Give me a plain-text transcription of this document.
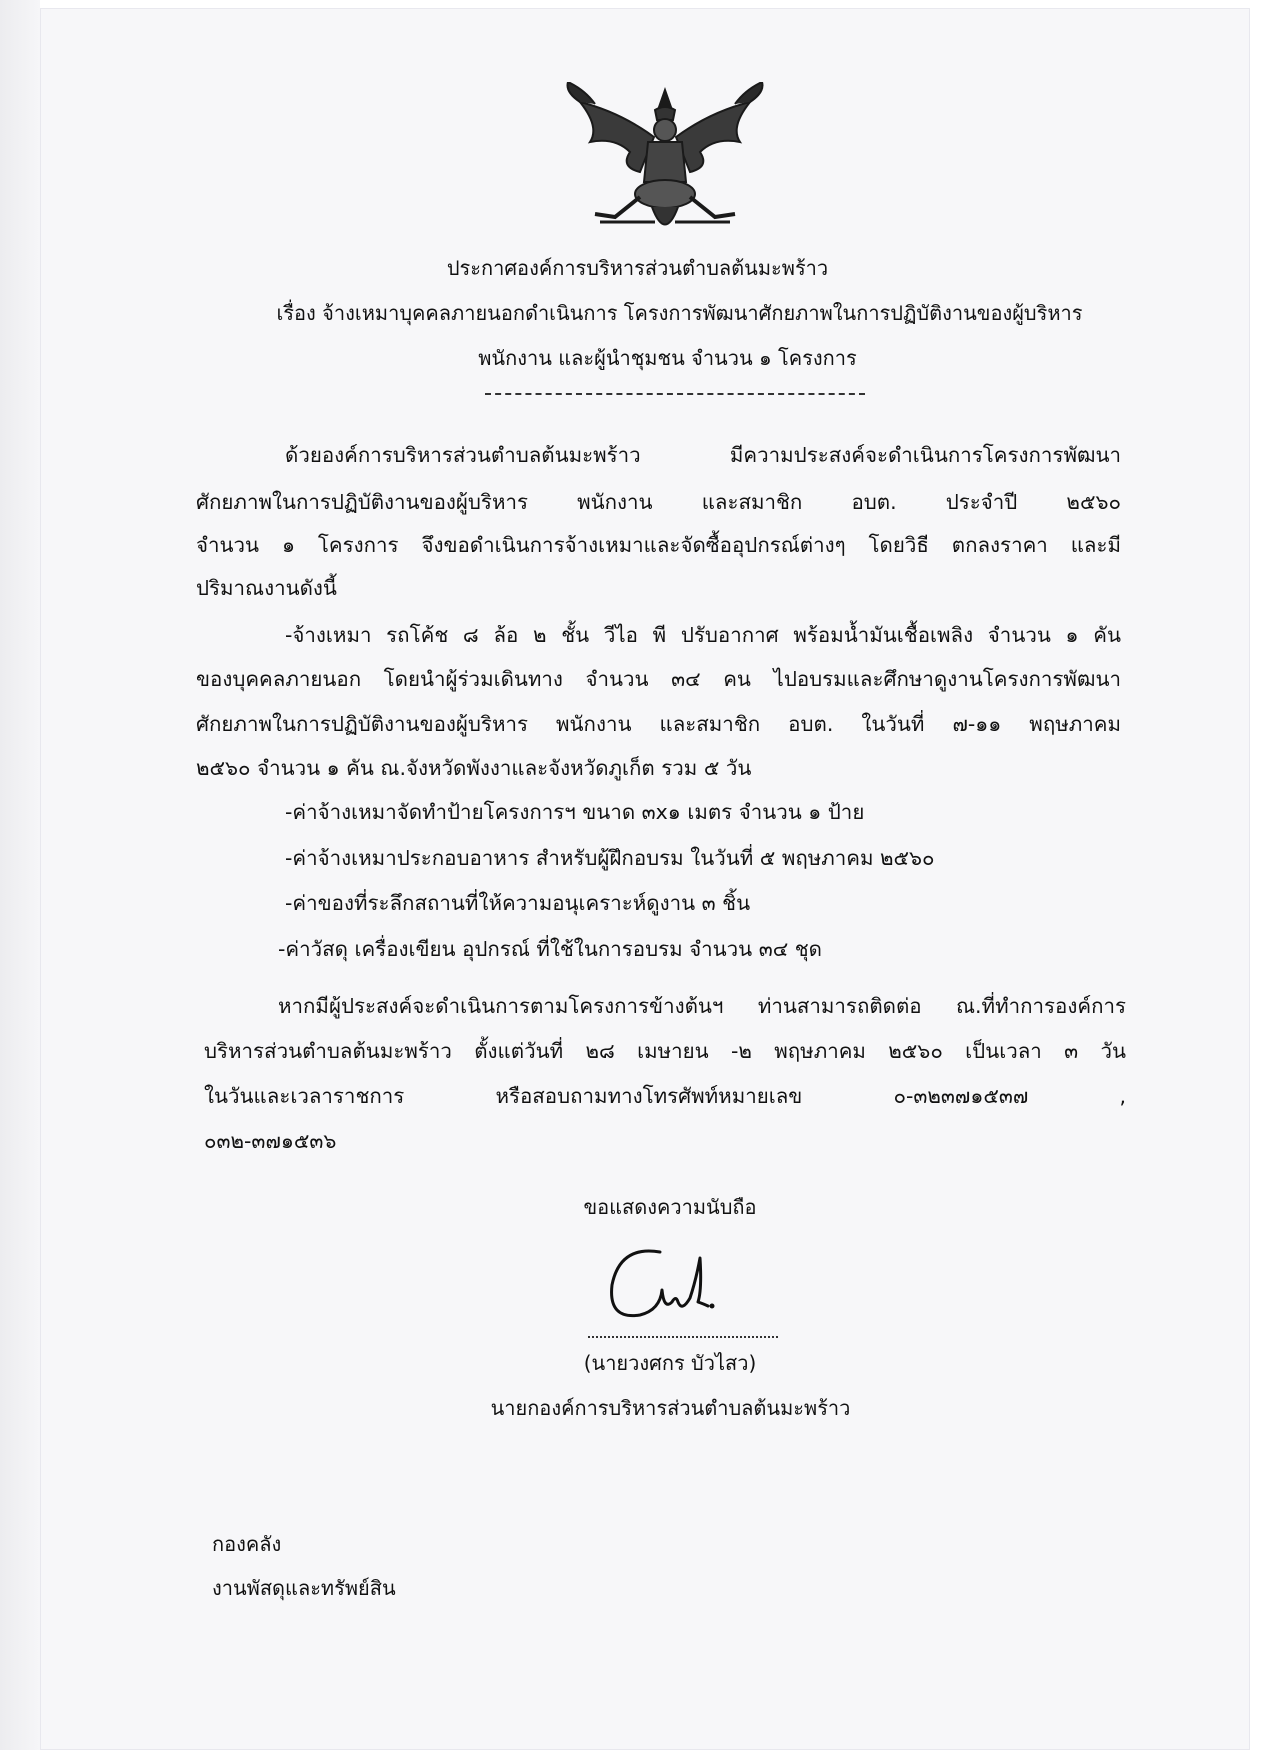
ประกาศองค์การบริหารส่วนตำบลต้นมะพร้าว
เรื่อง จ้างเหมาบุคคลภายนอกดำเนินการ โครงการพัฒนาศักยภาพในการปฏิบัติงานของผู้บริหาร
พนักงาน และผู้นำชุมชน จำนวน ๑ โครงการ
ด้วยองค์การบริหารส่วนตำบลต้นมะพร้าว มีความประสงค์จะดำเนินการโครงการพัฒนา
ศักยภาพในการปฏิบัติงานของผู้บริหาร พนักงาน และสมาชิก อบต. ประจำปี ๒๕๖๐
จำนวน ๑ โครงการ จึงขอดำเนินการจ้างเหมาและจัดซื้ออุปกรณ์ต่างๆ โดยวิธี ตกลงราคา และมี
ปริมาณงานดังนี้
-จ้างเหมา รถโค้ช ๘ ล้อ ๒ ชั้น วีไอ พี ปรับอากาศ พร้อมน้ำมันเชื้อเพลิง จำนวน ๑ คัน
ของบุคคลภายนอก โดยนำผู้ร่วมเดินทาง จำนวน ๓๔ คน ไปอบรมและศึกษาดูงานโครงการพัฒนา
ศักยภาพในการปฏิบัติงานของผู้บริหาร พนักงาน และสมาชิก อบต. ในวันที่ ๗-๑๑ พฤษภาคม
๒๕๖๐ จำนวน ๑ คัน ณ.จังหวัดพังงาและจังหวัดภูเก็ต รวม ๕ วัน
-ค่าจ้างเหมาจัดทำป้ายโครงการฯ ขนาด ๓x๑ เมตร จำนวน ๑ ป้าย
-ค่าจ้างเหมาประกอบอาหาร สำหรับผู้ฝึกอบรม ในวันที่ ๕ พฤษภาคม ๒๕๖๐
-ค่าของที่ระลึกสถานที่ให้ความอนุเคราะห์ดูงาน ๓ ชิ้น
-ค่าวัสดุ เครื่องเขียน อุปกรณ์ ที่ใช้ในการอบรม จำนวน ๓๔ ชุด
หากมีผู้ประสงค์จะดำเนินการตามโครงการข้างต้นฯ ท่านสามารถติดต่อ ณ.ที่ทำการองค์การ
บริหารส่วนตำบลต้นมะพร้าว ตั้งแต่วันที่ ๒๘ เมษายน -๒ พฤษภาคม ๒๕๖๐ เป็นเวลา ๓ วัน
ในวันและเวลาราชการ หรือสอบถามทางโทรศัพท์หมายเลข ๐-๓๒๓๗๑๕๓๗ ,
๐๓๒-๓๗๑๕๓๖
ขอแสดงความนับถือ
(นายวงศกร บัวไสว)
นายกองค์การบริหารส่วนตำบลต้นมะพร้าว
กองคลัง
งานพัสดุและทรัพย์สิน
